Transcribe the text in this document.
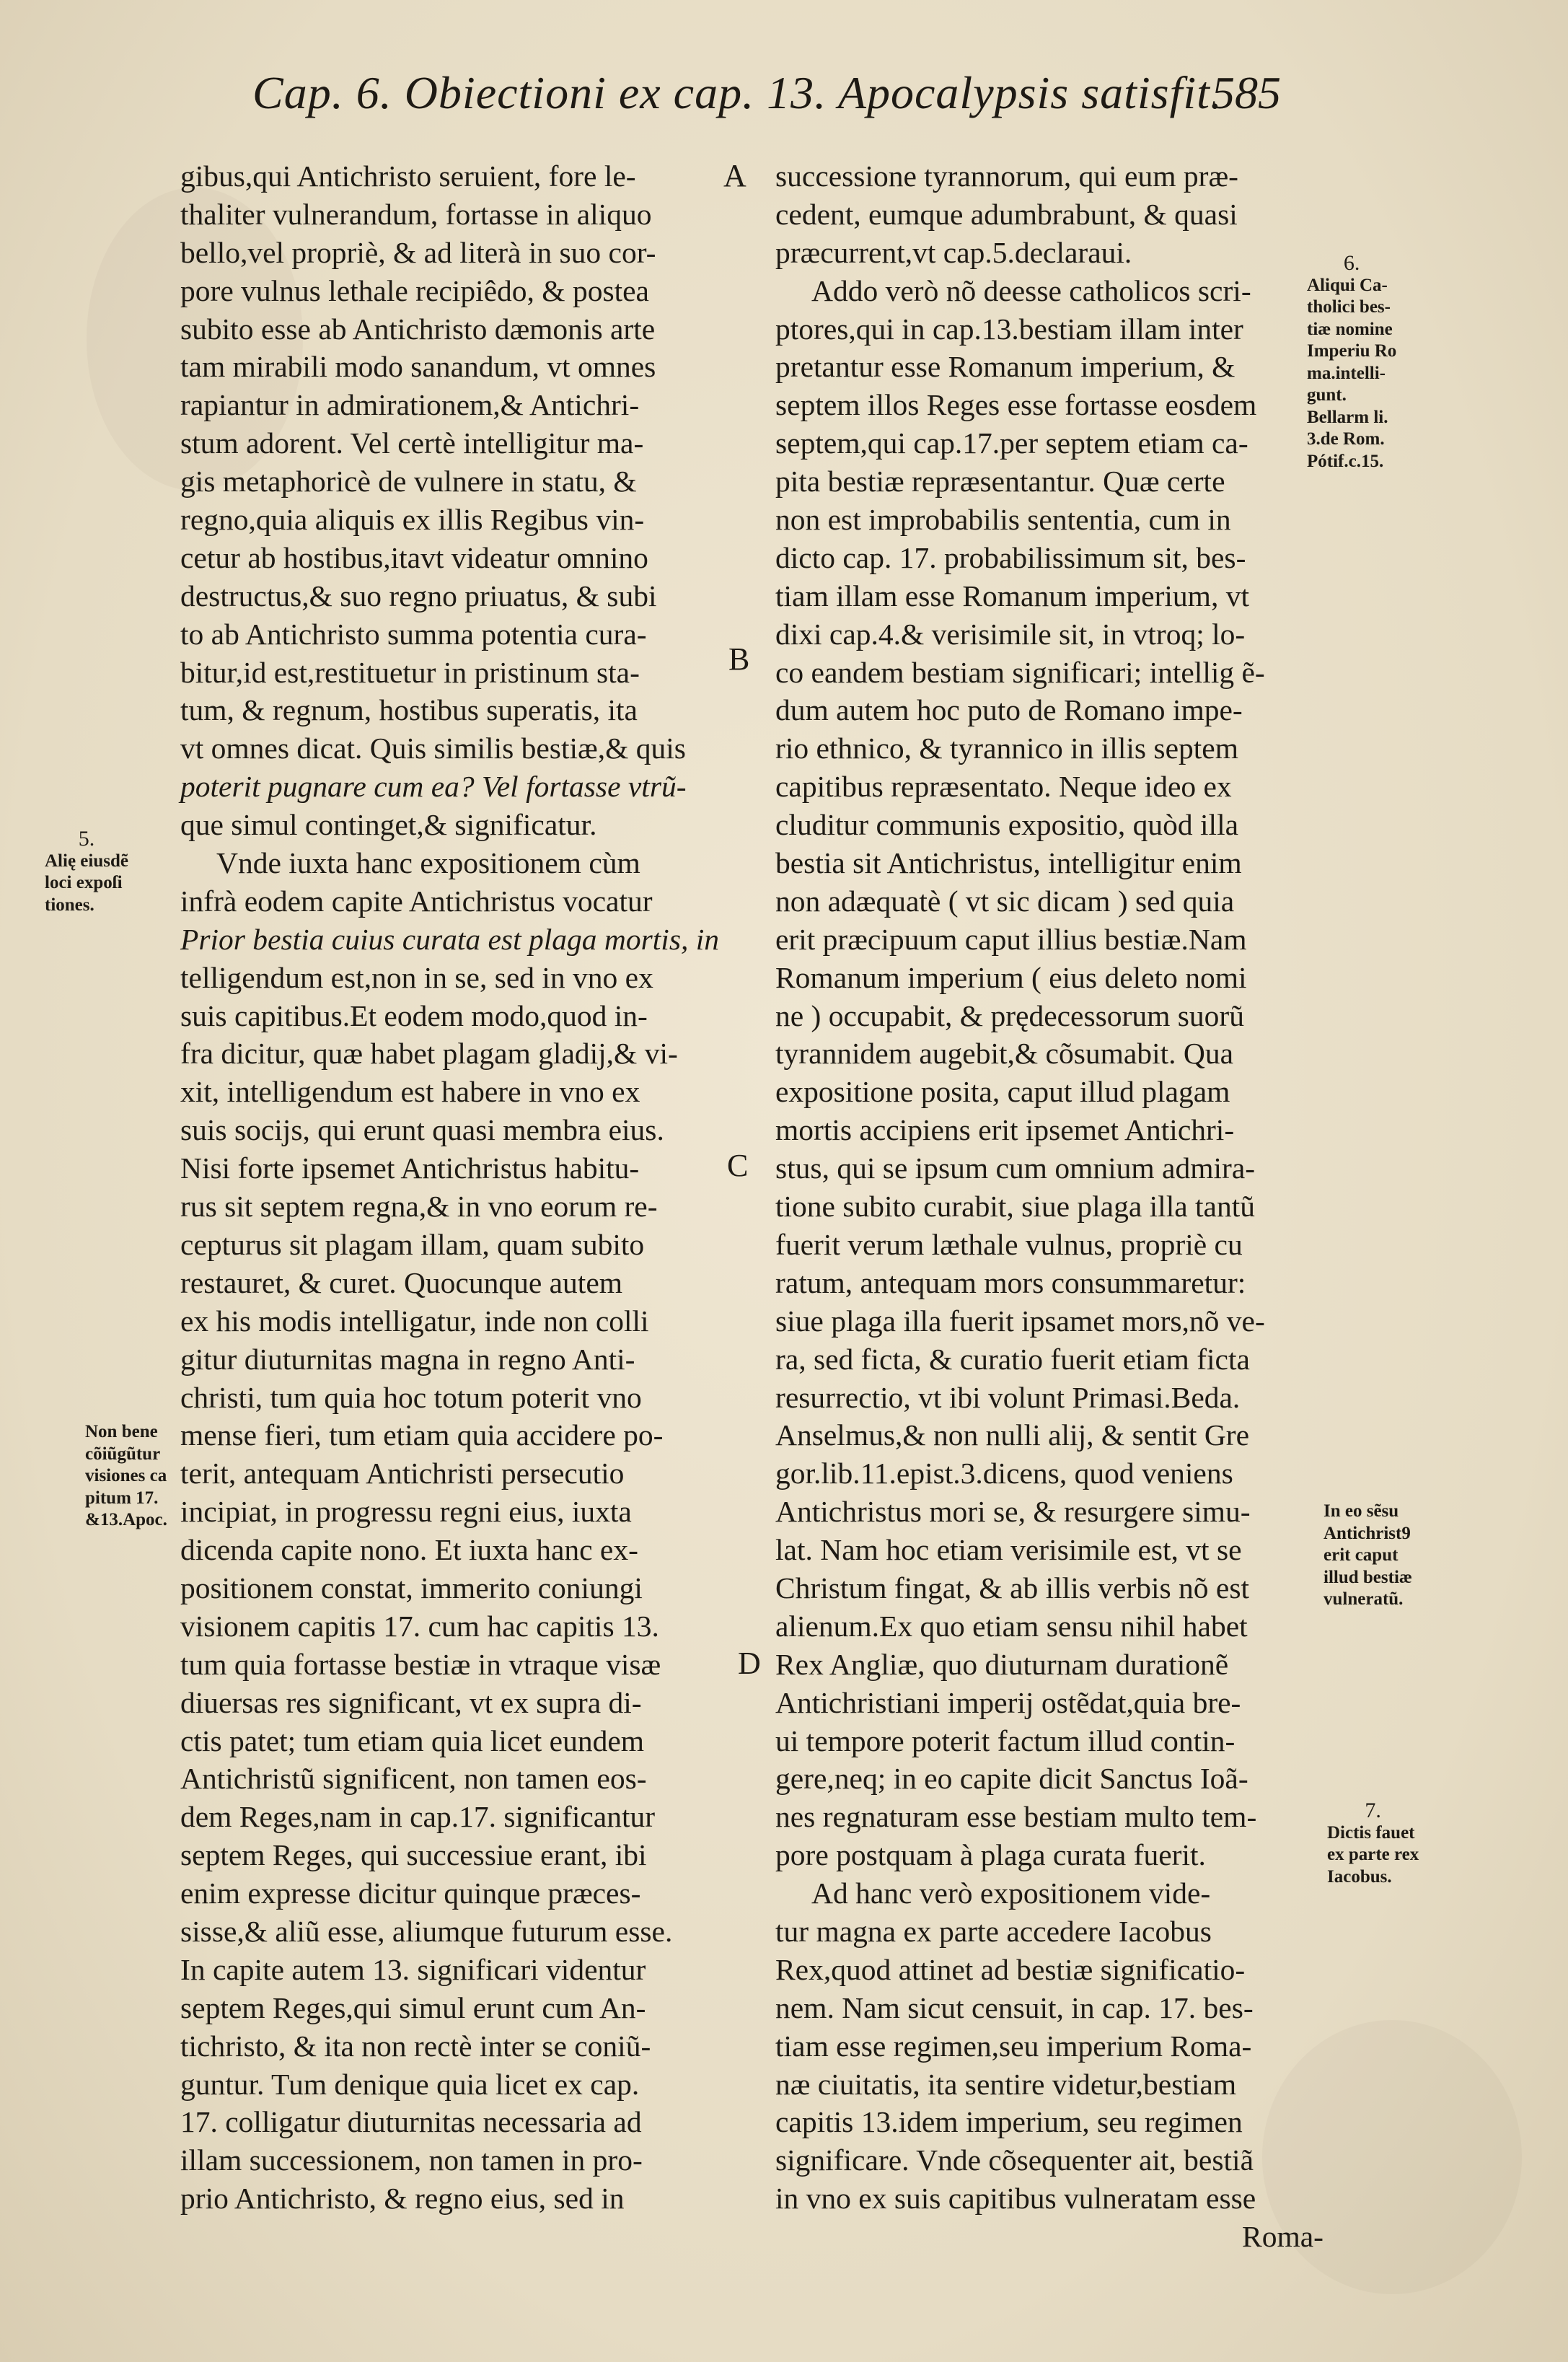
Cap. 6. Obiectioni ex cap. 13. Apocalypsis satisfit.
585
gibus,qui Antichristo seruient, fore le-
thaliter vulnerandum, fortasse in aliquo
bello,vel propriè, & ad literà in suo cor-
pore vulnus lethale recipiêdo, & postea
subito esse ab Antichristo dæmonis arte
tam mirabili modo sanandum, vt omnes
rapiantur in admirationem,& Antichri-
stum adorent. Vel certè intelligitur ma-
gis metaphoricè de vulnere in statu, &
regno,quia aliquis ex illis Regibus vin-
cetur ab hostibus,itavt videatur omnino
destructus,& suo regno priuatus, & subi
to ab Antichristo summa potentia cura-
bitur,id est,restituetur in pristinum sta-
tum, & regnum, hostibus superatis, ita
vt omnes dicat. Quis similis bestiæ,& quis
poterit pugnare cum ea? Vel fortasse vtrũ-
que simul continget,& significatur.
Vnde iuxta hanc expositionem cùm
infrà eodem capite Antichristus vocatur
Prior bestia cuius curata est plaga mortis, in
telligendum est,non in se, sed in vno ex
suis capitibus.Et eodem modo,quod in-
fra dicitur, quæ habet plagam gladij,& vi-
xit, intelligendum est habere in vno ex
suis socijs, qui erunt quasi membra eius.
Nisi forte ipsemet Antichristus habitu-
rus sit septem regna,& in vno eorum re-
cepturus sit plagam illam, quam subito
restauret, & curet. Quocunque autem
ex his modis intelligatur, inde non colli
gitur diuturnitas magna in regno Anti-
christi, tum quia hoc totum poterit vno
mense fieri, tum etiam quia accidere po-
terit, antequam Antichristi persecutio
incipiat, in progressu regni eius, iuxta
dicenda capite nono. Et iuxta hanc ex-
positionem constat, immerito coniungi
visionem capitis 17. cum hac capitis 13.
tum quia fortasse bestiæ in vtraque visæ
diuersas res significant, vt ex supra di-
ctis patet; tum etiam quia licet eundem
Antichristũ significent, non tamen eos-
dem Reges,nam in cap.17. significantur
septem Reges, qui successiue erant, ibi
enim expresse dicitur quinque præces-
sisse,& aliũ esse, aliumque futurum esse.
In capite autem 13. significari videntur
septem Reges,qui simul erunt cum An-
tichristo, & ita non rectè inter se coniũ-
guntur. Tum denique quia licet ex cap.
17. colligatur diuturnitas necessaria ad
illam successionem, non tamen in pro-
prio Antichristo, & regno eius, sed in
successione tyrannorum, qui eum præ-
cedent, eumque adumbrabunt, & quasi
præcurrent,vt cap.5.declaraui.
Addo verò nõ deesse catholicos scri-
ptores,qui in cap.13.bestiam illam inter
pretantur esse Romanum imperium, &
septem illos Reges esse fortasse eosdem
septem,qui cap.17.per septem etiam ca-
pita bestiæ repræsentantur. Quæ certe
non est improbabilis sententia, cum in
dicto cap. 17. probabilissimum sit, bes-
tiam illam esse Romanum imperium, vt
dixi cap.4.& verisimile sit, in vtroq; lo-
co eandem bestiam significari; intellig ẽ-
dum autem hoc puto de Romano impe-
rio ethnico, & tyrannico in illis septem
capitibus repræsentato. Neque ideo ex
cluditur communis expositio, quòd illa
bestia sit Antichristus, intelligitur enim
non adæquatè ( vt sic dicam ) sed quia
erit præcipuum caput illius bestiæ.Nam
Romanum imperium ( eius deleto nomi
ne ) occupabit, & prędecessorum suorũ
tyrannidem augebit,& cõsumabit. Qua
expositione posita, caput illud plagam
mortis accipiens erit ipsemet Antichri-
stus, qui se ipsum cum omnium admira-
tione subito curabit, siue plaga illa tantũ
fuerit verum læthale vulnus, propriè cu
ratum, antequam mors consummaretur:
siue plaga illa fuerit ipsamet mors,nõ ve-
ra, sed ficta, & curatio fuerit etiam ficta
resurrectio, vt ibi volunt Primasi.Beda.
Anselmus,& non nulli alij, & sentit Gre
gor.lib.11.epist.3.dicens, quod veniens
Antichristus mori se, & resurgere simu-
lat. Nam hoc etiam verisimile est, vt se
Christum fingat, & ab illis verbis nõ est
alienum.Ex quo etiam sensu nihil habet
Rex Angliæ, quo diuturnam durationẽ
Antichristiani imperij ostẽdat,quia bre-
ui tempore poterit factum illud contin-
gere,neq; in eo capite dicit Sanctus Ioã-
nes regnaturam esse bestiam multo tem-
pore postquam à plaga curata fuerit.
Ad hanc verò expositionem vide-
tur magna ex parte accedere Iacobus
Rex,quod attinet ad bestiæ significatio-
nem. Nam sicut censuit, in cap. 17. bes-
tiam esse regimen,seu imperium Roma-
næ ciuitatis, ita sentire videtur,bestiam
capitis 13.idem imperium, seu regimen
significare. Vnde cõsequenter ait, bestiã
in vno ex suis capitibus vulneratam esse
Roma-
A
B
C
D
5.
Alię eiusdẽ
loci expoſi
tiones.
Non bene
cõiũgũtur
visiones ca
pitum 17.
&13.Apoc.
6.
Aliqui Ca-
tholici bes-
tiæ nomine
Imperiu Ro
ma.intelli-
gunt.
Bellarm li.
3.de Rom.
Pótif.c.15.
In eo sẽsu
Antichrist9
erit caput
illud bestiæ
vulneratũ.
7.
Dictis fauet
ex parte rex
Iacobus.
